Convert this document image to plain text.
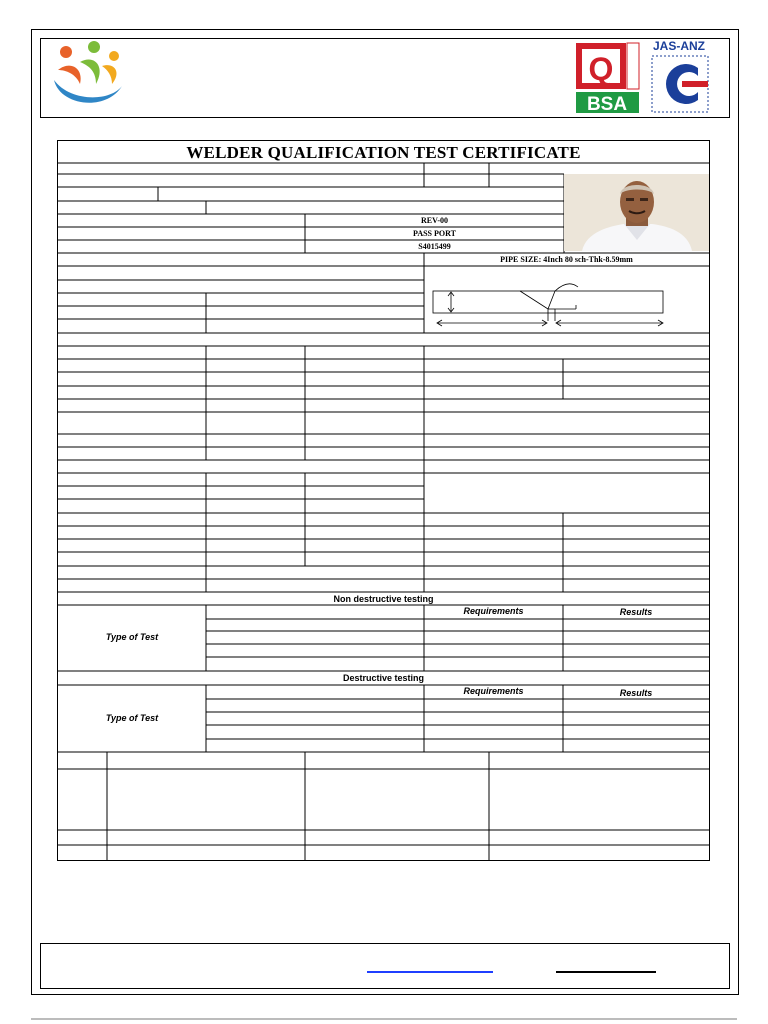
Q
BSA
JAS-ANZ
WELDER QUALIFICATION TEST CERTIFICATE
REV-00
PASS PORT
S4015499
PIPE SIZE: 4Inch 80 sch-Thk-8.59mm
Non destructive testing
Destructive testing
Type of Test
Requirements	Results
Type of Test
Requirements	Results
